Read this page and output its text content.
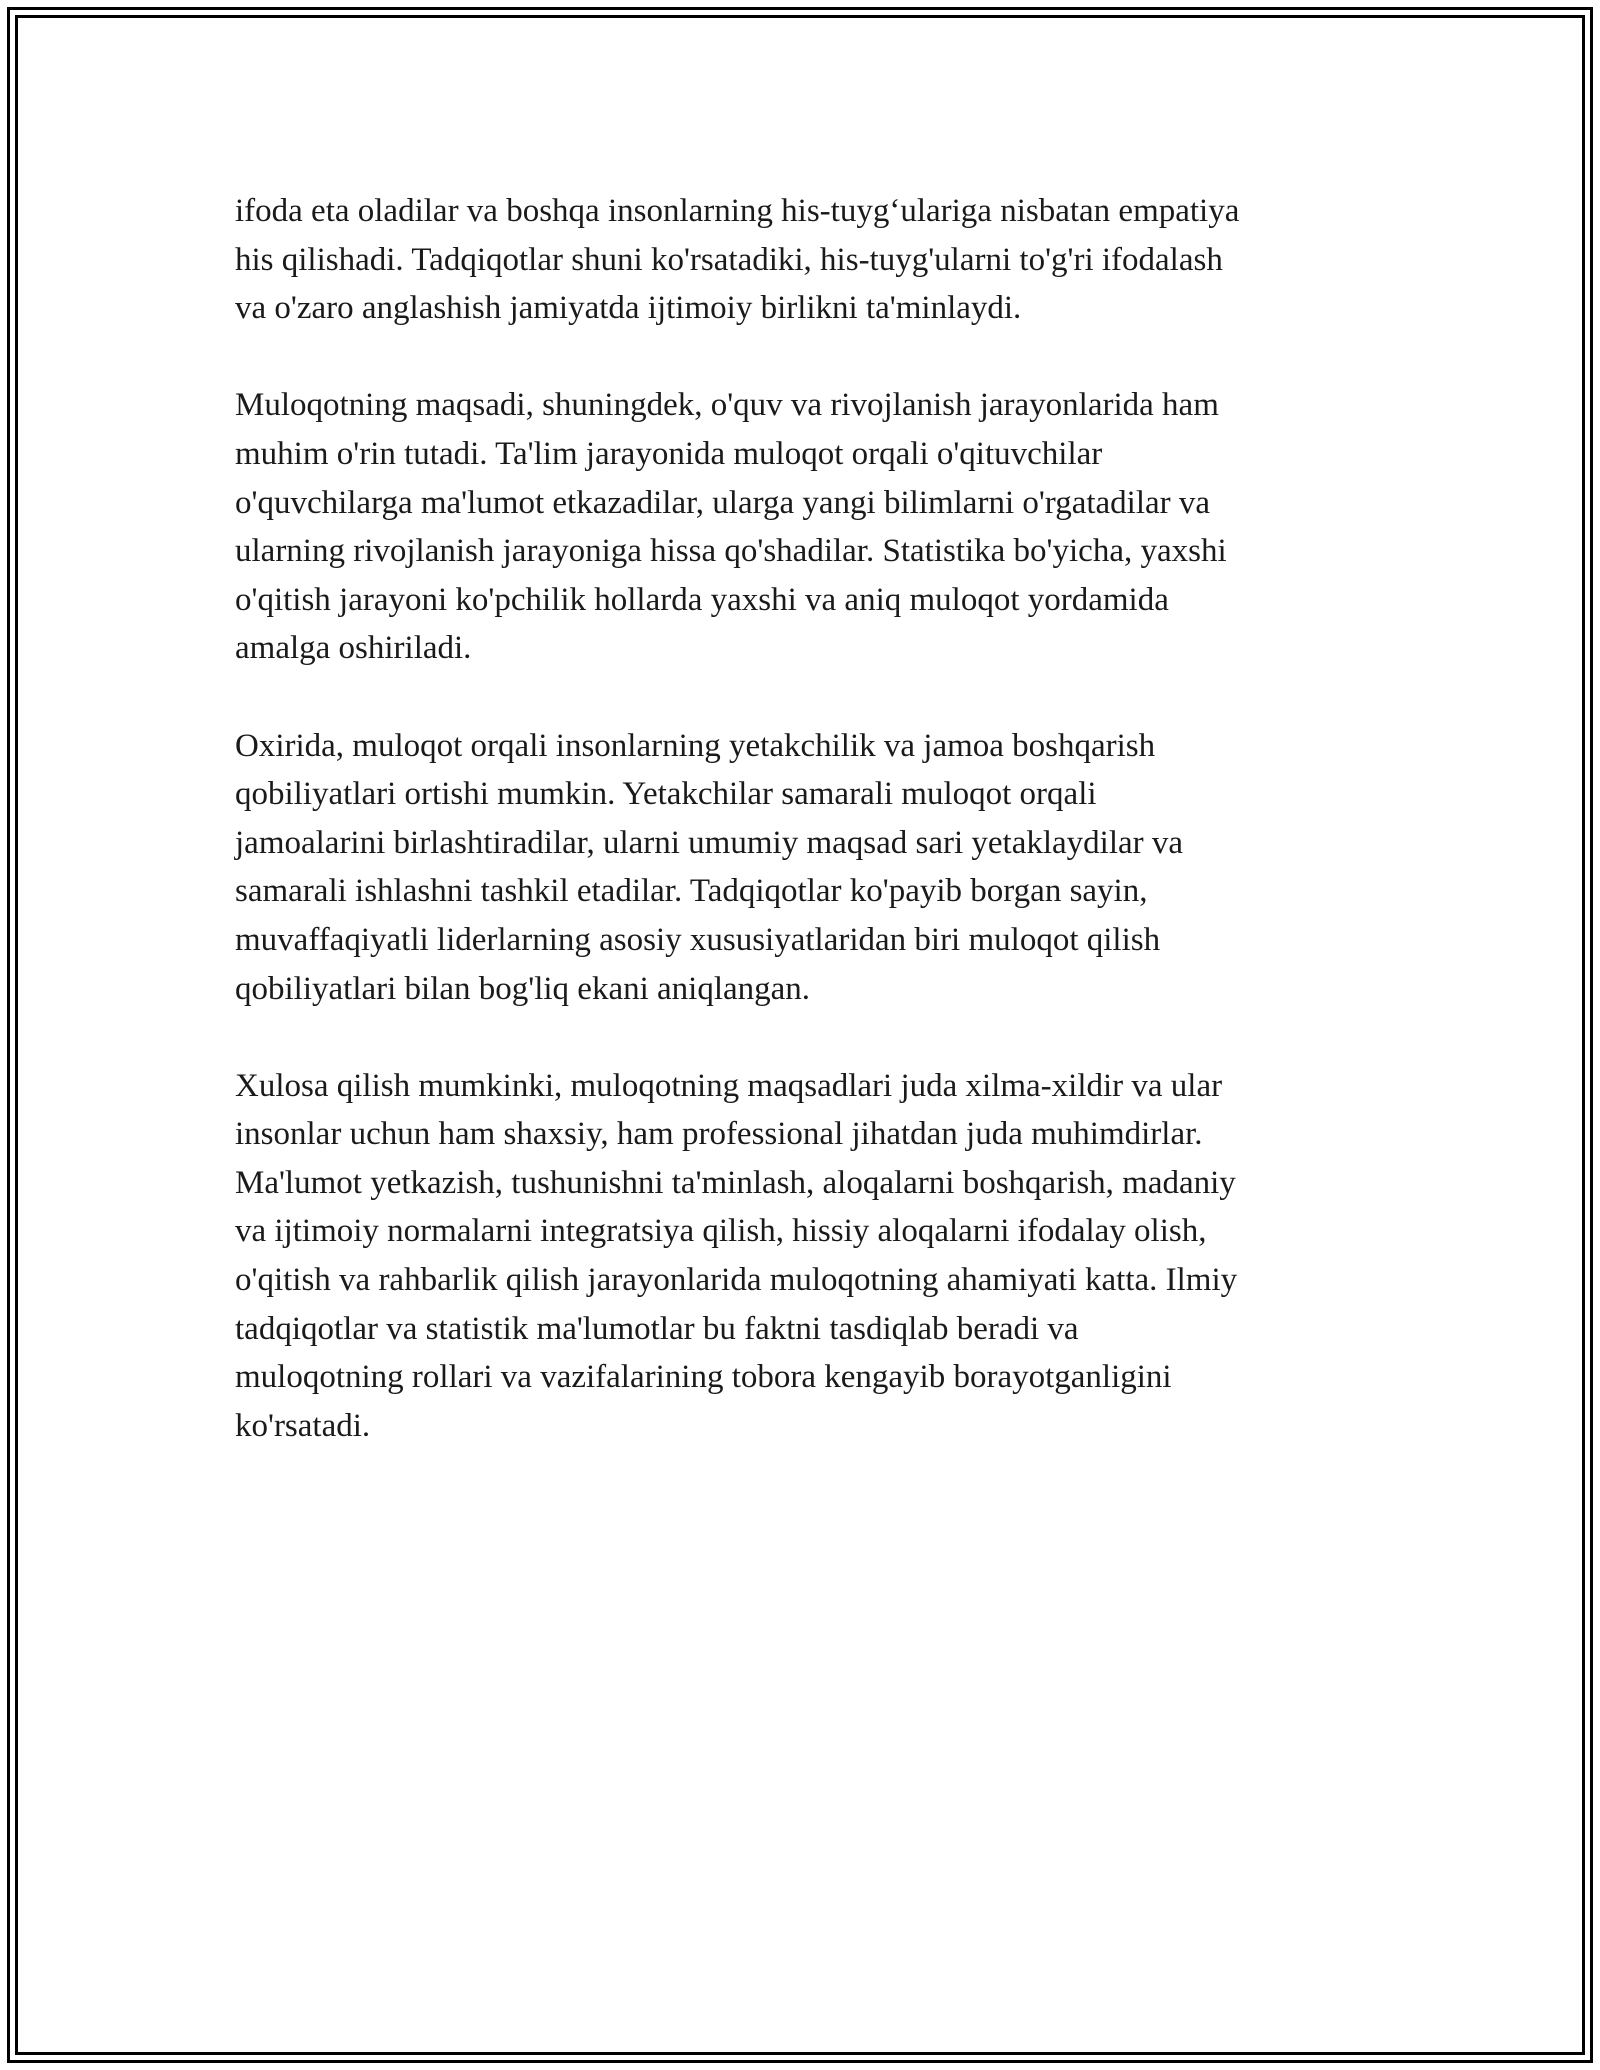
ifoda eta oladilar va boshqa insonlarning his-tuyg‘ulariga nisbatan empatiya
his qilishadi. Tadqiqotlar shuni ko'rsatadiki, his-tuyg'ularni to'g'ri ifodalash
va o'zaro anglashish jamiyatda ijtimoiy birlikni ta'minlaydi.

Muloqotning maqsadi, shuningdek, o'quv va rivojlanish jarayonlarida ham
muhim o'rin tutadi. Ta'lim jarayonida muloqot orqali o'qituvchilar
o'quvchilarga ma'lumot etkazadilar, ularga yangi bilimlarni o'rgatadilar va
ularning rivojlanish jarayoniga hissa qo'shadilar. Statistika bo'yicha, yaxshi
o'qitish jarayoni ko'pchilik hollarda yaxshi va aniq muloqot yordamida
amalga oshiriladi.

Oxirida, muloqot orqali insonlarning yetakchilik va jamoa boshqarish
qobiliyatlari ortishi mumkin. Yetakchilar samarali muloqot orqali
jamoalarini birlashtiradilar, ularni umumiy maqsad sari yetaklaydilar va
samarali ishlashni tashkil etadilar. Tadqiqotlar ko'payib borgan sayin,
muvaffaqiyatli liderlarning asosiy xususiyatlaridan biri muloqot qilish
qobiliyatlari bilan bog'liq ekani aniqlangan.

Xulosa qilish mumkinki, muloqotning maqsadlari juda xilma-xildir va ular
insonlar uchun ham shaxsiy, ham professional jihatdan juda muhimdirlar.
Ma'lumot yetkazish, tushunishni ta'minlash, aloqalarni boshqarish, madaniy
va ijtimoiy normalarni integratsiya qilish, hissiy aloqalarni ifodalay olish,
o'qitish va rahbarlik qilish jarayonlarida muloqotning ahamiyati katta. Ilmiy
tadqiqotlar va statistik ma'lumotlar bu faktni tasdiqlab beradi va
muloqotning rollari va vazifalarining tobora kengayib borayotganligini
ko'rsatadi.
